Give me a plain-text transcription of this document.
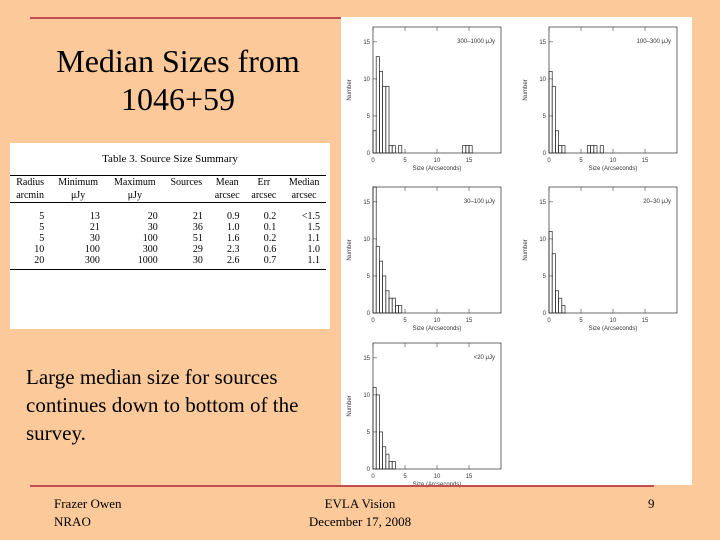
Median Sizes from 1046+59
Table 3. Source Size Summary
Radius	Minimum	Maximum	Sources	Mean	Err	Median
arcmin	μJy	μJy		arcsec	arcsec	arcsec
5	13	20	21	0.9	0.2	<1.5
5	21	30	36	1.0	0.1	1.5
5	30	100	51	1.6	0.2	1.1
10	100	300	29	2.3	0.6	1.0
20	300	1000	30	2.6	0.7	1.1
Large median size for sources continues down to bottom of the survey.
0	5	10	15
0
5
10
15	300–1000 μJy
Size (Arcseconds)
Number
0	5	10	15
0
5
10
15	100–300 μJy
Size (Arcseconds)
Number
0	5	10	15
0
5
10
15	30–100 μJy
Size (Arcseconds)
Number
0	5	10	15
0
5
10
15	20–30 μJy
Size (Arcseconds)
Number
0	5	10	15
0
5
10
15	<20 μJy
Number
Frazer Owen
NRAO
EVLA Vision
December 17, 2008
9
